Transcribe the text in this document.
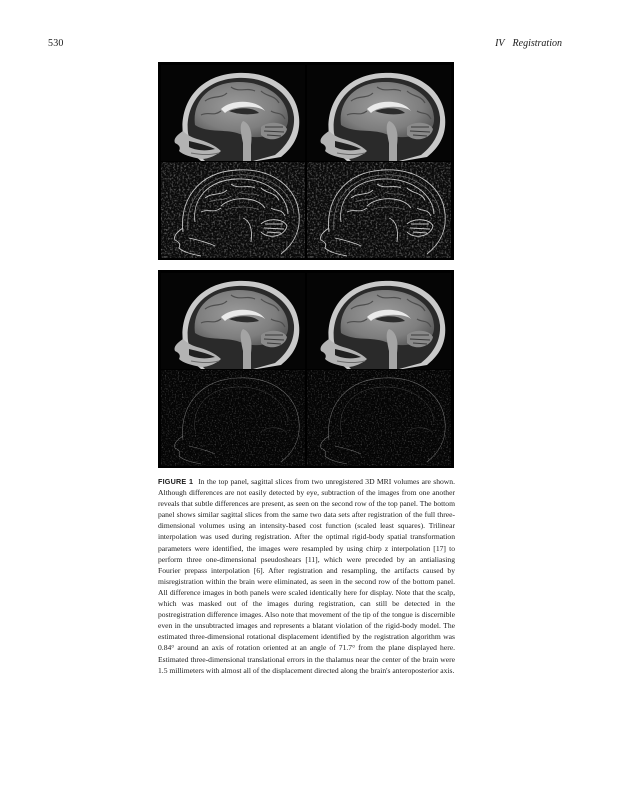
530	IV Registration
FIGURE 1 In the top panel, sagittal slices from two unregistered 3D MRI volumes are shown. Although differences are not easily detected by eye, subtraction of the images from one another reveals that subtle differences are present, as seen on the second row of the top panel. The bottom panel shows similar sagittal slices from the same two data sets after registration of the full three-dimensional volumes using an intensity-based cost function (scaled least squares). Trilinear interpolation was used during registration. After the optimal rigid-body spatial transformation parameters were identified, the images were resampled by using chirp z interpolation [17] to perform three one-dimensional pseudoshears [11], which were preceded by an antialiasing Fourier prepass interpolation [6]. After registration and resampling, the artifacts caused by misregistration within the brain were eliminated, as seen in the second row of the bottom panel. All difference images in both panels were scaled identically here for display. Note that the scalp, which was masked out of the images during registration, can still be detected in the postregistration difference images. Also note that movement of the tip of the tongue is discernible even in the unsubtracted images and represents a blatant violation of the rigid-body model. The estimated three-dimensional rotational displacement identified by the registration algorithm was 0.84° around an axis of rotation oriented at an angle of 71.7° from the plane displayed here. Estimated three-dimensional translational errors in the thalamus near the center of the brain were 1.5 millimeters with almost all of the displacement directed along the brain's anteroposterior axis.
